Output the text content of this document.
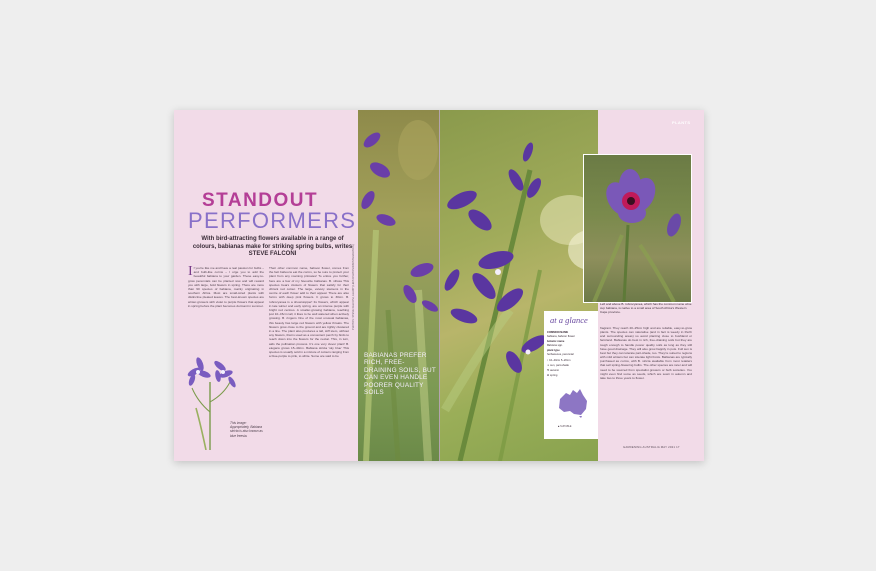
STANDOUT
PERFORMERS
With bird-attracting flowers available in a range of colours, babianas make for striking spring bulbs, writes STEVE FALCONI
If you're like me and have a real passion for bulbs – and bulb-like corms – I urge you to add the beautiful babiana to your garden. These easy-to-grow perennials can be planted now and will reward you with large, bold flowers in spring. There are more than 90 species of babiana, mainly originating in southern Africa. Most are small-sized plants with distinctive pleated leaves. The best-known species are winter-growers with violet to purple flowers that appear in spring before the plant becomes dormant in summer.
Their other common name, baboon flower, comes from the fact baboons eat the corms, so be sure to protect your plant from any roaming primates! To entice you further, here are a few of my favourite babianas. B. villosa This species bears clusters of flowers that satisfy for their vibrant red colour. The large, velvety stamens in the centre of each flower add to their appeal. There are also forms with deep pink flowers. It grows to 30cm. B. rubrocyanea is a showstopper! Its flowers, which appear in late winter and early spring, are an intense purple with bright red centres. A smaller-growing babiana, reaching just 10–15cm tall, it likes to be well watered when actively growing. B. ringens One of the most unusual babianas, this beauty has large red flowers with yellow throats. The flowers grow close to the ground and are tightly clustered in a line. The plant also produces a tall, stiff stem, without any flowers, that is used as a convenient perch by birds to reach down into the flowers for the nectar. This, in turn, aids the pollination process. It's one very clever plant! B. elegans grows 15–40cm. Babiana stricta 'sky blue' This species is usually sold in a mixture of colours ranging from a blue-purple to pink, to white. Some are said to be
This image: Appropriately, Babiana stricta is also known as blue freesia.
PHOTOS: STEVE FALCONI, ALAMY (LEFT/ASHTON/DISINTEGRATION)
BABIANAS PREFER RICH, FREE-DRAINING SOILS, BUT CAN EVEN HANDLE POORER QUALITY SOILS
PLANTS
Left and above B. rubrocyanea, which has the common name wine cup babiana, is native to a small area of South Africa's Western Cape province.
fragrant. They reach 20–25cm high and are reliable, easy-to-grow plants. The species can naturalise (and in fact is weedy in Perth and surrounding areas) so avoid planting close to bushland or farmland. Babianas do best in rich, free-draining soils but they are tough enough to handle poorer quality soils as long as they still have good drainage. They will also grow happily in pots. Full sun is best but they can tolerate part-shade, too. They're suited to regions with mild winters but can tolerate light frosts. Babianas are typically purchased as corms, with B. stricta available from most retailers that sell spring-flowering bulbs. The other species are rarer and will need to be sourced from specialist growers or bulb societies. You might even find some as seeds, which are sown in autumn and take two to three years to flower.
GARDENING AUSTRALIA MAY 2021 17
at a glance
COMMON NAME
babiana, baboon flower
botanic name
Babiana spp.
plant type
herbaceous, perennial
↕ 10–40cm 5–20cm
☀ sun, part-shade
⚒ autumn
✿ spring
■ SUITABLE
